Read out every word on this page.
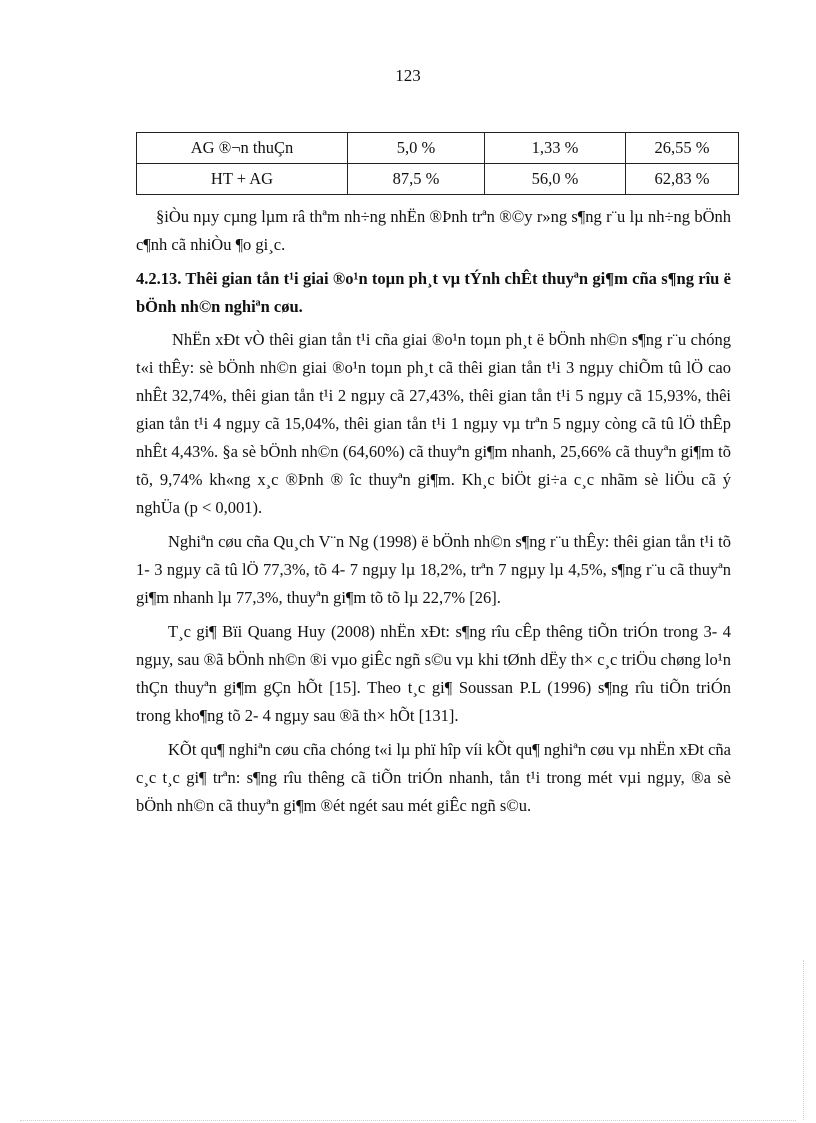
123
AG ®¬n thuÇn	5,0 %	1,33 %	26,55 %
HT + AG	87,5 %	56,0 %	62,83 %

§iÒu nµy cµng lµm râ thªm nh÷ng nhËn ®Þnh trªn ®©y r»ng s¶ng r¨u lµ nh÷ng bÖnh c¶nh cã nhiÒu ¶o gi¸c.

4.2.13. Thêi gian tån t¹i giai ®o¹n toµn ph¸t vµ tÝnh chÊt thuyªn gi¶m cña s¶ng rîu ë bÖnh nh©n nghiªn cøu.

NhËn xÐt vÒ thêi gian tån t¹i cña giai ®o¹n toµn ph¸t ë bÖnh nh©n s¶ng r¨u chóng t«i thÊy: sè bÖnh nh©n giai ®o¹n toµn ph¸t cã thêi gian tån t¹i 3 ngµy chiÕm tû lÖ cao nhÊt 32,74%, thêi gian tån t¹i 2 ngµy cã 27,43%, thêi gian tån t¹i 5 ngµy cã 15,93%, thêi gian tån t¹i 4 ngµy cã 15,04%, thêi gian tån t¹i 1 ngµy vµ trªn 5 ngµy còng cã tû lÖ thÊp nhÊt 4,43%. §a sè bÖnh nh©n (64,60%) cã thuyªn gi¶m nhanh, 25,66% cã thuyªn gi¶m tõ tõ, 9,74% kh«ng x¸c ®Þnh ® îc thuyªn gi¶m. Kh¸c biÖt gi÷a c¸c nhãm sè liÖu cã ý nghÜa (p < 0,001).

Nghiªn cøu cña Qu¸ch V¨n Ng (1998) ë bÖnh nh©n s¶ng r¨u thÊy: thêi gian tån t¹i tõ 1- 3 ngµy cã tû lÖ 77,3%, tõ 4- 7 ngµy lµ 18,2%, trªn 7 ngµy lµ 4,5%, s¶ng r¨u cã thuyªn gi¶m nhanh lµ 77,3%, thuyªn gi¶m tõ tõ lµ 22,7% [26].

T¸c gi¶ Bïi Quang Huy (2008) nhËn xÐt: s¶ng rîu cÊp thêng tiÕn triÓn trong 3- 4 ngµy, sau ®ã bÖnh nh©n ®i vµo giÊc ngñ s©u vµ khi tØnh dËy th× c¸c triÖu chøng lo¹n thÇn thuyªn gi¶m gÇn hÕt [15]. Theo t¸c gi¶ Soussan P.L (1996) s¶ng rîu tiÕn triÓn trong kho¶ng tõ 2- 4 ngµy sau ®ã th× hÕt [131].

KÕt qu¶ nghiªn cøu cña chóng t«i lµ phï hîp víi kÕt qu¶ nghiªn cøu vµ nhËn xÐt cña c¸c t¸c gi¶ trªn: s¶ng rîu thêng cã tiÕn triÓn nhanh, tån t¹i trong mét vµi ngµy, ®a sè bÖnh nh©n cã thuyªn gi¶m ®ét ngét sau mét giÊc ngñ s©u.
